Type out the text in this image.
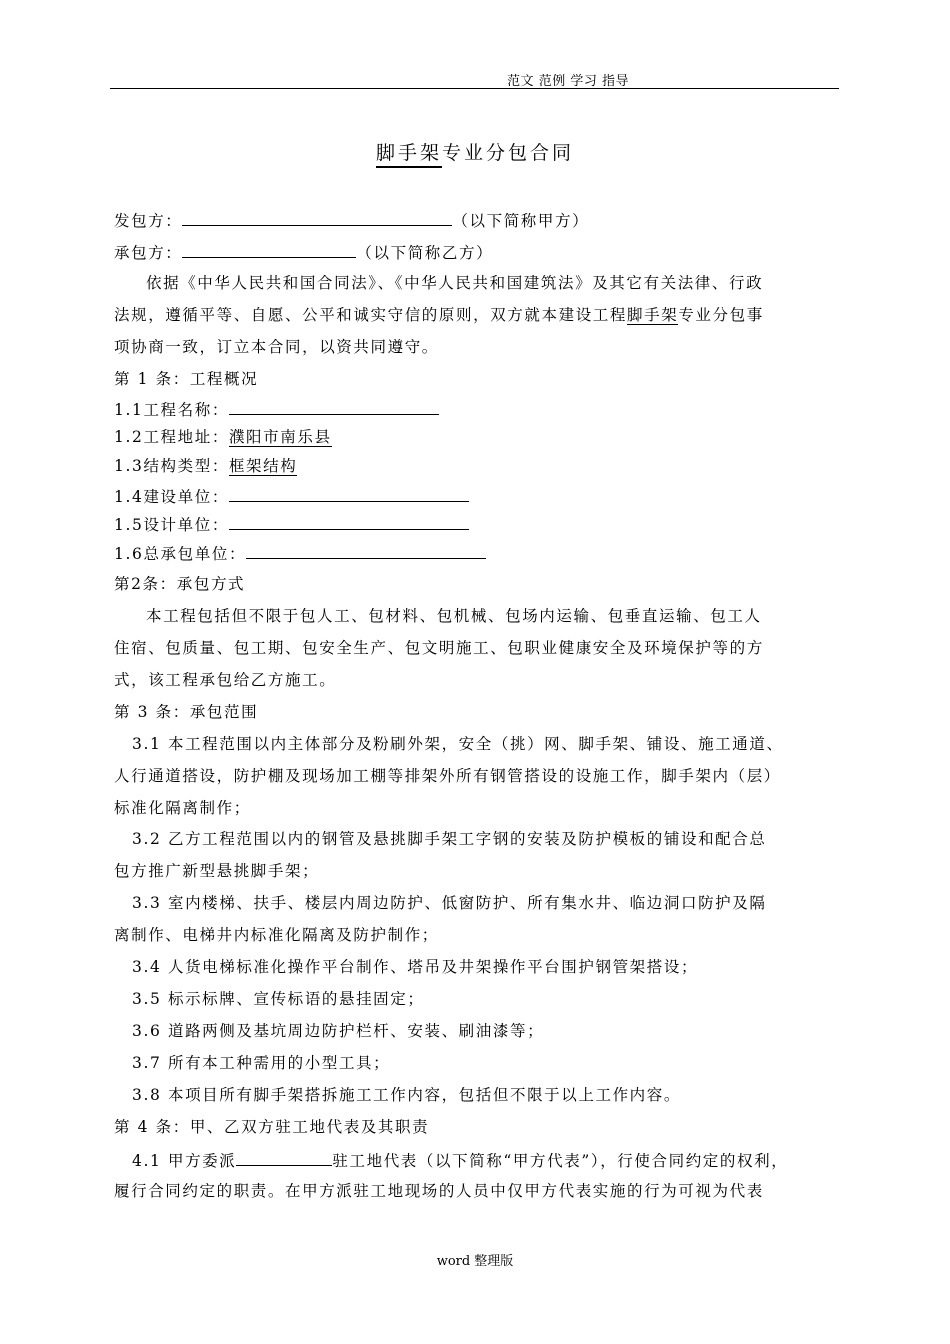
范文 范例 学习 指导
脚手架专业分包合同
发包方：	（以下简称甲方）
承包方：	（以下简称乙方）
依据《中华人民共和国合同法》、《中华人民共和国建筑法》及其它有关法律、行政
法规，遵循平等、自愿、公平和诚实守信的原则，双方就本建设工程脚手架专业分包事
项协商一致，订立本合同，以资共同遵守。
第 1 条：工程概况
1.1工程名称：
1.2工程地址：濮阳市南乐县
1.3结构类型：框架结构
1.4建设单位：
1.5设计单位：
1.6总承包单位：
第2条：承包方式
本工程包括但不限于包人工、包材料、包机械、包场内运输、包垂直运输、包工人
住宿、包质量、包工期、包安全生产、包文明施工、包职业健康安全及环境保护等的方
式，该工程承包给乙方施工。
第 3 条：承包范围
3.1 本工程范围以内主体部分及粉刷外架，安全（挑）网、脚手架、铺设、施工通道、
人行通道搭设，防护棚及现场加工棚等排架外所有钢管搭设的设施工作，脚手架内（层）
标准化隔离制作；
3.2 乙方工程范围以内的钢管及悬挑脚手架工字钢的安装及防护模板的铺设和配合总
包方推广新型悬挑脚手架；
3.3 室内楼梯、扶手、楼层内周边防护、低窗防护、所有集水井、临边洞口防护及隔
离制作、电梯井内标准化隔离及防护制作；
3.4 人货电梯标准化操作平台制作、塔吊及井架操作平台围护钢管架搭设；
3.5 标示标牌、宣传标语的悬挂固定；
3.6 道路两侧及基坑周边防护栏杆、安装、刷油漆等；
3.7 所有本工种需用的小型工具；
3.8 本项目所有脚手架搭拆施工工作内容，包括但不限于以上工作内容。
第 4 条：甲、乙双方驻工地代表及其职责
4.1 甲方委派	驻工地代表（以下简称“甲方代表”），行使合同约定的权利，
履行合同约定的职责。在甲方派驻工地现场的人员中仅甲方代表实施的行为可视为代表
word 整理版
